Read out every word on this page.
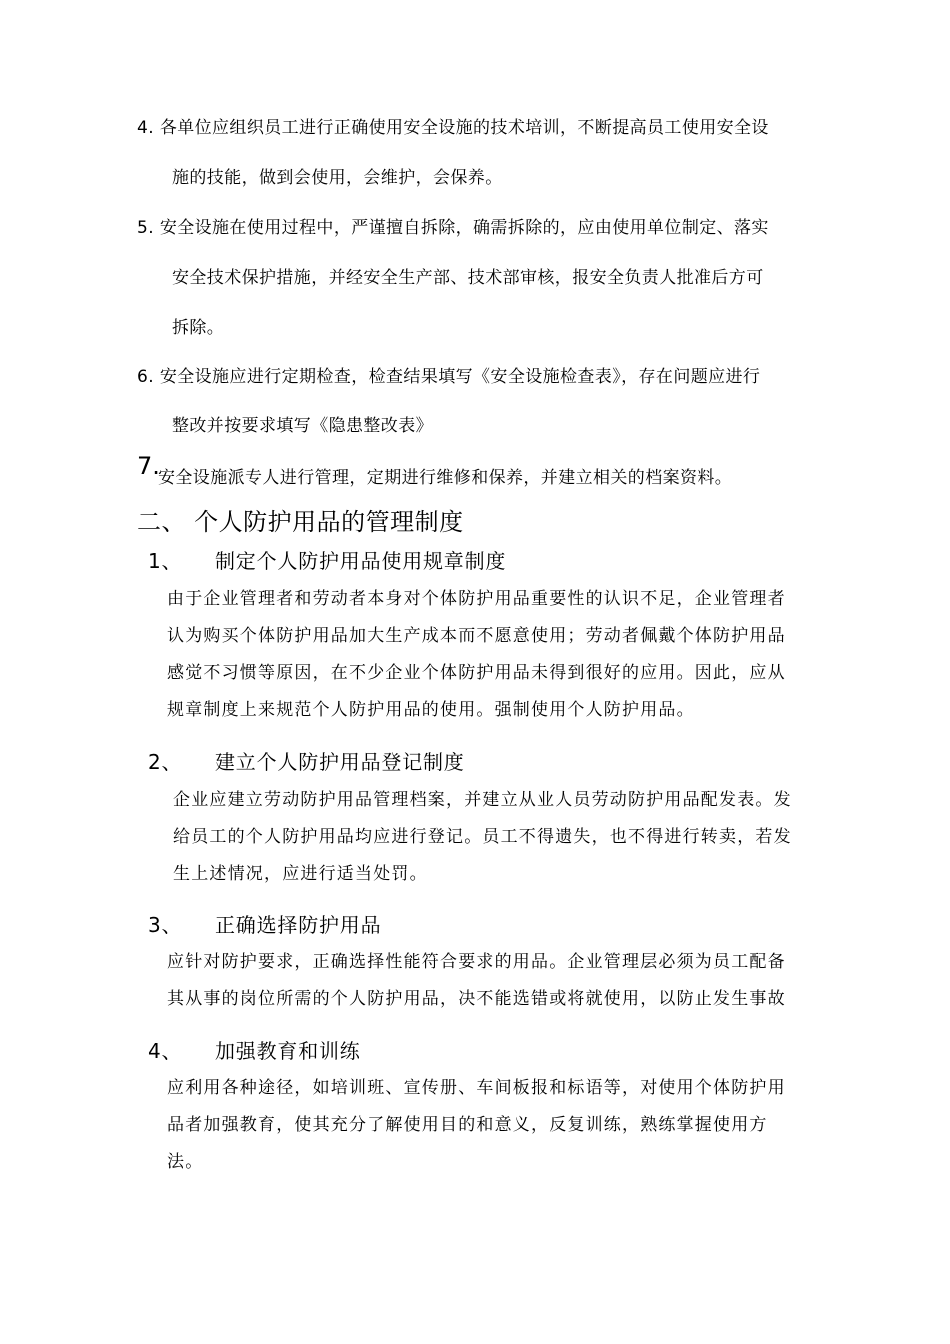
4. 各单位应组织员工进行正确使用安全设施的技术培训，不断提高员工使用安全设
施的技能，做到会使用，会维护，会保养。
5. 安全设施在使用过程中，严谨擅自拆除，确需拆除的，应由使用单位制定、落实
安全技术保护措施，并经安全生产部、技术部审核，报安全负责人批准后方可
拆除。
6. 安全设施应进行定期检查，检查结果填写《安全设施检查表》，存在问题应进行
整改并按要求填写《隐患整改表》
7.
安全设施派专人进行管理，定期进行维修和保养，并建立相关的档案资料。
二、 个人防护用品的管理制度
1、 制定个人防护用品使用规章制度
由于企业管理者和劳动者本身对个体防护用品重要性的认识不足，企业管理者
认为购买个体防护用品加大生产成本而不愿意使用；劳动者佩戴个体防护用品
感觉不习惯等原因，在不少企业个体防护用品未得到很好的应用。因此，应从
规章制度上来规范个人防护用品的使用。强制使用个人防护用品。
2、 建立个人防护用品登记制度
企业应建立劳动防护用品管理档案，并建立从业人员劳动防护用品配发表。发
给员工的个人防护用品均应进行登记。员工不得遗失，也不得进行转卖，若发
生上述情况，应进行适当处罚。
3、 正确选择防护用品
应针对防护要求，正确选择性能符合要求的用品。企业管理层必须为员工配备
其从事的岗位所需的个人防护用品，决不能选错或将就使用，以防止发生事故
4、 加强教育和训练
应利用各种途径，如培训班、宣传册、车间板报和标语等，对使用个体防护用
品者加强教育，使其充分了解使用目的和意义，反复训练，熟练掌握使用方
法。
